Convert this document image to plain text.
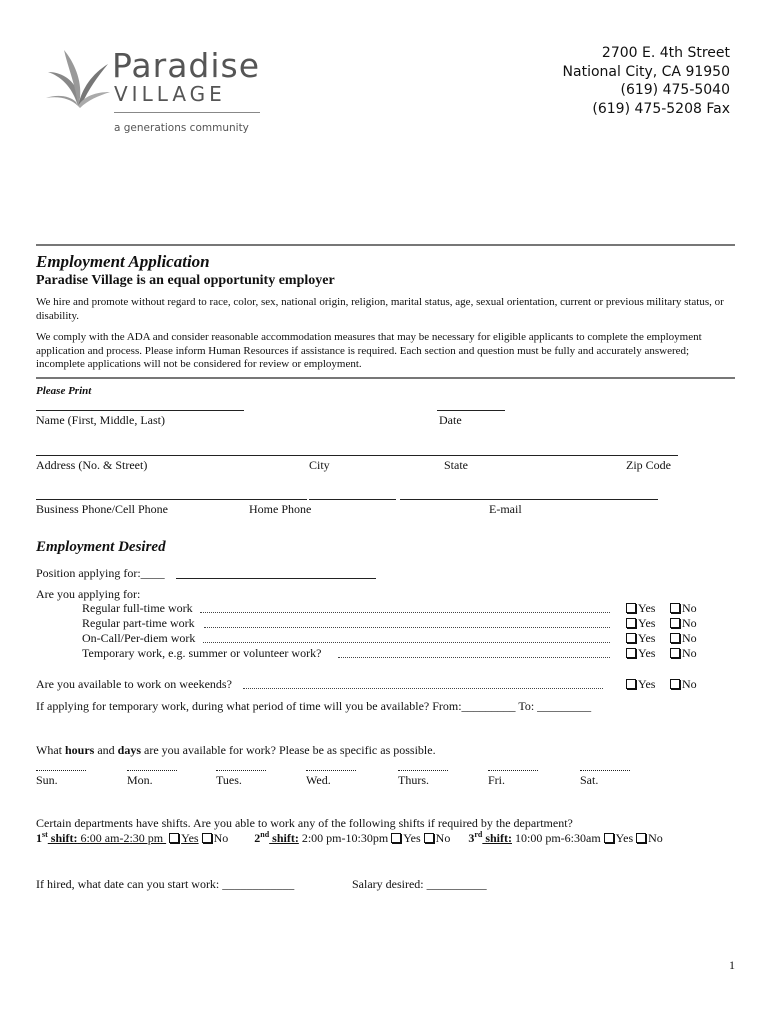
Paradise
VILLAGE
a generations community
2700 E. 4th Street
National City, CA 91950
(619) 475-5040
(619) 475-5208 Fax
Employment Application
Paradise Village is an equal opportunity employer
We hire and promote without regard to race, color, sex, national origin, religion, marital status, age, sexual orientation, current or previous military status, or disability.
We comply with the ADA and consider reasonable accommodation measures that may be necessary for eligible applicants to complete the employment application and process. Please inform Human Resources if assistance is required. Each section and question must be fully and accurately answered; incomplete applications will not be considered for review or employment.
Please Print
Name (First, Middle, Last)	Date
Address (No. & Street)	City	State	Zip Code
Business Phone/Cell Phone	Home Phone	E-mail
Employment Desired
Position applying for:____
Are you applying for:
Regular full-time work	Yes	No
Regular part-time work	Yes	No
On-Call/Per-diem work	Yes	No
Temporary work, e.g. summer or volunteer work?	Yes	No
Are you available to work on weekends?	Yes	No
If applying for temporary work, during what period of time will you be available? From:_________ To: _________
What hours and days are you available for work? Please be as specific as possible.
Sun.	Mon.	Tues.	Wed.	Thurs.	Fri.	Sat.
Certain departments have shifts. Are you able to work any of the following shifts if required by the department?
1st shift: 6:00 am-2:30 pm Yes No 2nd shift: 2:00 pm-10:30pm Yes No 3rd shift: 10:00 pm-6:30am Yes No
If hired, what date can you start work: ____________	Salary desired: __________
1
